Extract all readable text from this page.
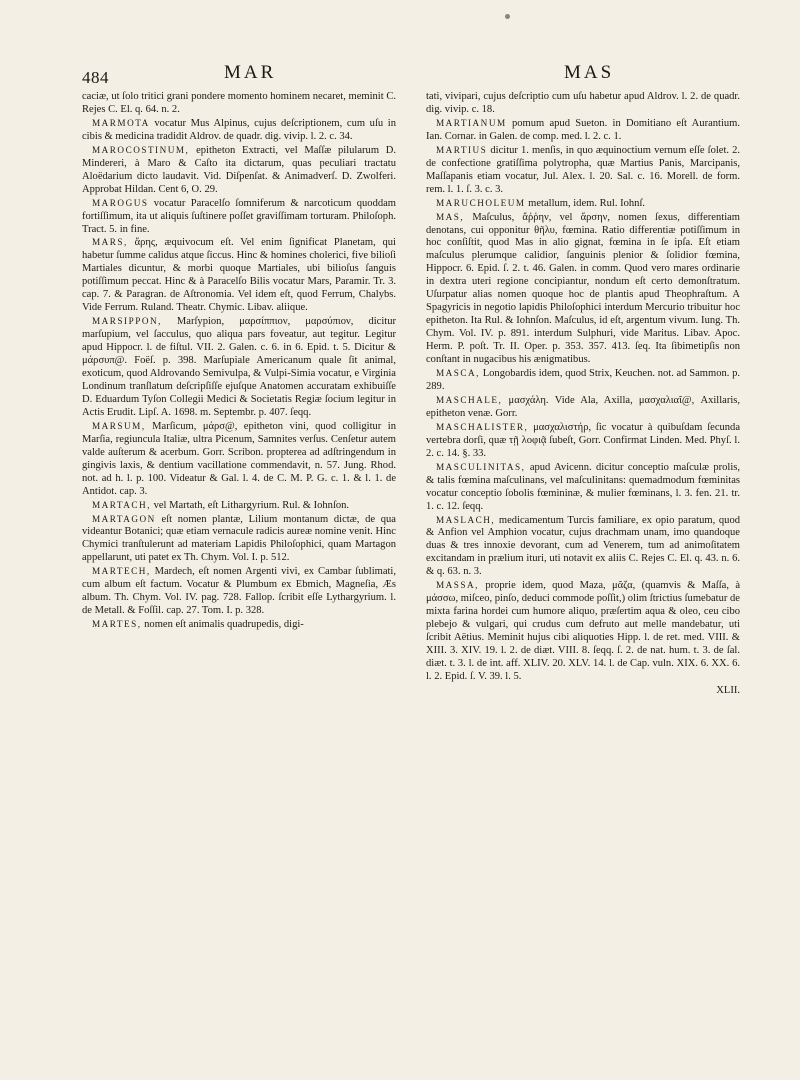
484	MAR	MAS

caciæ, ut ſolo tritici grani pondere momento hominem necaret, meminit C. Rejes C. El. q. 64. n. 2.

MARMOTA vocatur Mus Alpinus, cujus deſcriptionem, cum uſu in cibis & medicina tradidit Aldrov. de quadr. dig. vivip. l. 2. c. 34.

MAROCOSTINUM, epitheton Extracti, vel Maſſæ pilularum D. Mindereri, à Maro & Caſto ita dictarum, quas peculiari tractatu Aloëdarium dicto laudavit. Vid. Diſpenſat. & Animadverſ. D. Zwolferi. Approbat Hildan. Cent 6, O. 29.

MAROGUS vocatur Paracelſo ſomniferum & narcoticum quoddam fortiſſimum, ita ut aliquis ſuſtinere poſſet graviſſimam torturam. Philoſoph. Tract. 5. in fine.

MARS, ἄρης, æquivocum eſt. Vel enim ſignificat Planetam, qui habetur ſumme calidus atque ſiccus. Hinc & homines cholerici, five bilioſi Martiales dicuntur, & morbi quoque Martiales, ubi bilioſus ſanguis potiſſimum peccat. Hinc & à Paracelſo Bilis vocatur Mars, Paramir. Tr. 3. cap. 7. & Paragran. de Aſtronomia. Vel idem eſt, quod Ferrum, Chalybs. Vide Ferrum. Ruland. Theatr. Chymic. Libav. aliique.

MARSIPPON, Marſypion, μαρσίππιον, μαρσύπιον, dicitur marſupium, vel ſacculus, quo aliqua pars foveatur, aut tegitur. Legitur apud Hippocr. l. de fiſtul. VII. 2. Galen. c. 6. in 6. Epid. t. 5. Dicitur & μάρσυπ@. Foëſ. p. 398. Marſupiale Americanum quale ſit animal, exoticum, quod Aldrovando Semivulpa, & Vulpi-Simia vocatur, e Virginia Londinum tranſlatum deſcripſiſſe ejuſque Anatomen accuratam exhibuiſſe D. Eduardum Tyſon Collegii Medici & Societatis Regiæ ſocium legitur in Actis Erudit. Lipſ. A. 1698. m. Septembr. p. 407. ſeqq.

MARSUM, Marſicum, μάρσ@, epitheton vini, quod colligitur in Marſia, regiuncula Italiæ, ultra Picenum, Samnites verſus. Cenſetur autem valde auſterum & acerbum. Gorr. Scribon. propterea ad adſtringendum in gingivis laxis, & dentium vacillatione commendavit, n. 57. Jung. Rhod. not. ad h. l. p. 100. Videatur & Gal. l. 4. de C. M. P. G. c. 1. & l. 1. de Antidot. cap. 3.

MARTACH, vel Martath, eſt Lithargyrium. Rul. & Iohnſon.

MARTAGON eſt nomen plantæ, Lilium montanum dictæ, de qua videantur Botanici; quæ etiam vernacule radicis aureæ nomine venit. Hinc Chymici tranſtulerunt ad materiam Lapidis Philoſophici, quam Martagon appellarunt, uti patet ex Th. Chym. Vol. I. p. 512.

MARTECH, Mardech, eſt nomen Argenti vivi, ex Cambar ſublimati, cum album eſt factum. Vocatur & Plumbum ex Ebmich, Magneſia, Æs album. Th. Chym. Vol. IV. pag. 728. Fallop. ſcribit eſſe Lythargyrium. l. de Metall. & Foſſil. cap. 27. Tom. I. p. 328.

MARTES, nomen eſt animalis quadrupedis, digi-

tati, vivipari, cujus deſcriptio cum uſu habetur apud Aldrov. l. 2. de quadr. dig. vivip. c. 18.

MARTIANUM pomum apud Sueton. in Domitiano eſt Aurantium. Ian. Cornar. in Galen. de comp. med. l. 2. c. 1.

MARTIUS dicitur 1. menſis, in quo æquinoctium vernum eſſe ſolet. 2. de confectione gratiſſima polytropha, quæ Martius Panis, Marcipanis, Maſſapanis etiam vocatur, Jul. Alex. l. 20. Sal. c. 16. Morell. de form. rem. l. 1. ſ. 3. c. 3.

MARUCHOLEUM metallum, idem. Rul. Iohnſ.

MAS, Maſculus, ἄῤῥην, vel ἄρσην, nomen ſexus, differentiam denotans, cui opponitur θῆλυ, fœmina. Ratio differentiæ potiſſimum in hoc conſiſtit, quod Mas in alio gignat, fœmina in ſe ipſa. Eſt etiam maſculus plerumque calidior, ſanguinis plenior & ſolidior fœmina, Hippocr. 6. Epid. ſ. 2. t. 46. Galen. in comm. Quod vero mares ordinarie in dextra uteri regione concipiantur, nondum eſt certo demonſtratum. Uſurpatur alias nomen quoque hoc de plantis apud Theophraſtum. A Spagyricis in negotio lapidis Philoſophici interdum Mercurio tribuitur hoc epitheton. Ita Rul. & Iohnſon. Maſculus, id eſt, argentum vivum. Iung. Th. Chym. Vol. IV. p. 891. interdum Sulphuri, vide Maritus. Libav. Apoc. Herm. P. poſt. Tr. II. Oper. p. 353. 357. 413. ſeq. Ita ſibimetipſis non conſtant in nugacibus his ænigmatibus.

MASCA, Longobardis idem, quod Strix, Keuchen. not. ad Sammon. p. 289.

MASCHALE, μασχάλη. Vide Ala, Axilla, μασχαλιαῖ@, Axillaris, epitheton venæ. Gorr.

MASCHALISTER, μασχαλιστήρ, ſic vocatur à quibuſdam ſecunda vertebra dorſi, quæ τῇ λοφιᾷ ſubeſt, Gorr. Confirmat Linden. Med. Phyſ. l. 2. c. 14. §. 33.

MASCULINITAS, apud Avicenn. dicitur conceptio maſculæ prolis, & talis fœmina maſculinans, vel maſculinitans: quemadmodum fœminitas vocatur conceptio ſobolis fœmininæ, & mulier fœminans, l. 3. fen. 21. tr. 1. c. 12. ſeqq.

MASLACH, medicamentum Turcis familiare, ex opio paratum, quod & Anfion vel Amphion vocatur, cujus drachmam unam, imo quandoque duas & tres innoxie devorant, cum ad Venerem, tum ad animoſitatem excitandam in prælium ituri, uti notavit ex aliis C. Rejes C. El. q. 43. n. 6. & q. 63. n. 3.

MASSA, proprie idem, quod Maza, μᾶζα, (quamvis & Maſſa, à μάσσω, miſceo, pinſo, deduci commode poſſit,) olim ſtrictius ſumebatur de mixta farina hordei cum humore aliquo, præſertim aqua & oleo, ceu cibo plebejo & vulgari, qui crudus cum defruto aut melle mandebatur, uti ſcribit Aëtius. Meminit hujus cibi aliquoties Hipp. l. de ret. med. VIII. & XIII. 3. XIV. 19. l. 2. de diæt. VIII. 8. ſeqq. ſ. 2. de nat. hum. t. 3. de ſal. diæt. t. 3. l. de int. aff. XLIV. 20. XLV. 14. l. de Cap. vuln. XIX. 6. XX. 6. l. 2. Epid. ſ. V. 39. l. 5.

XLII.
